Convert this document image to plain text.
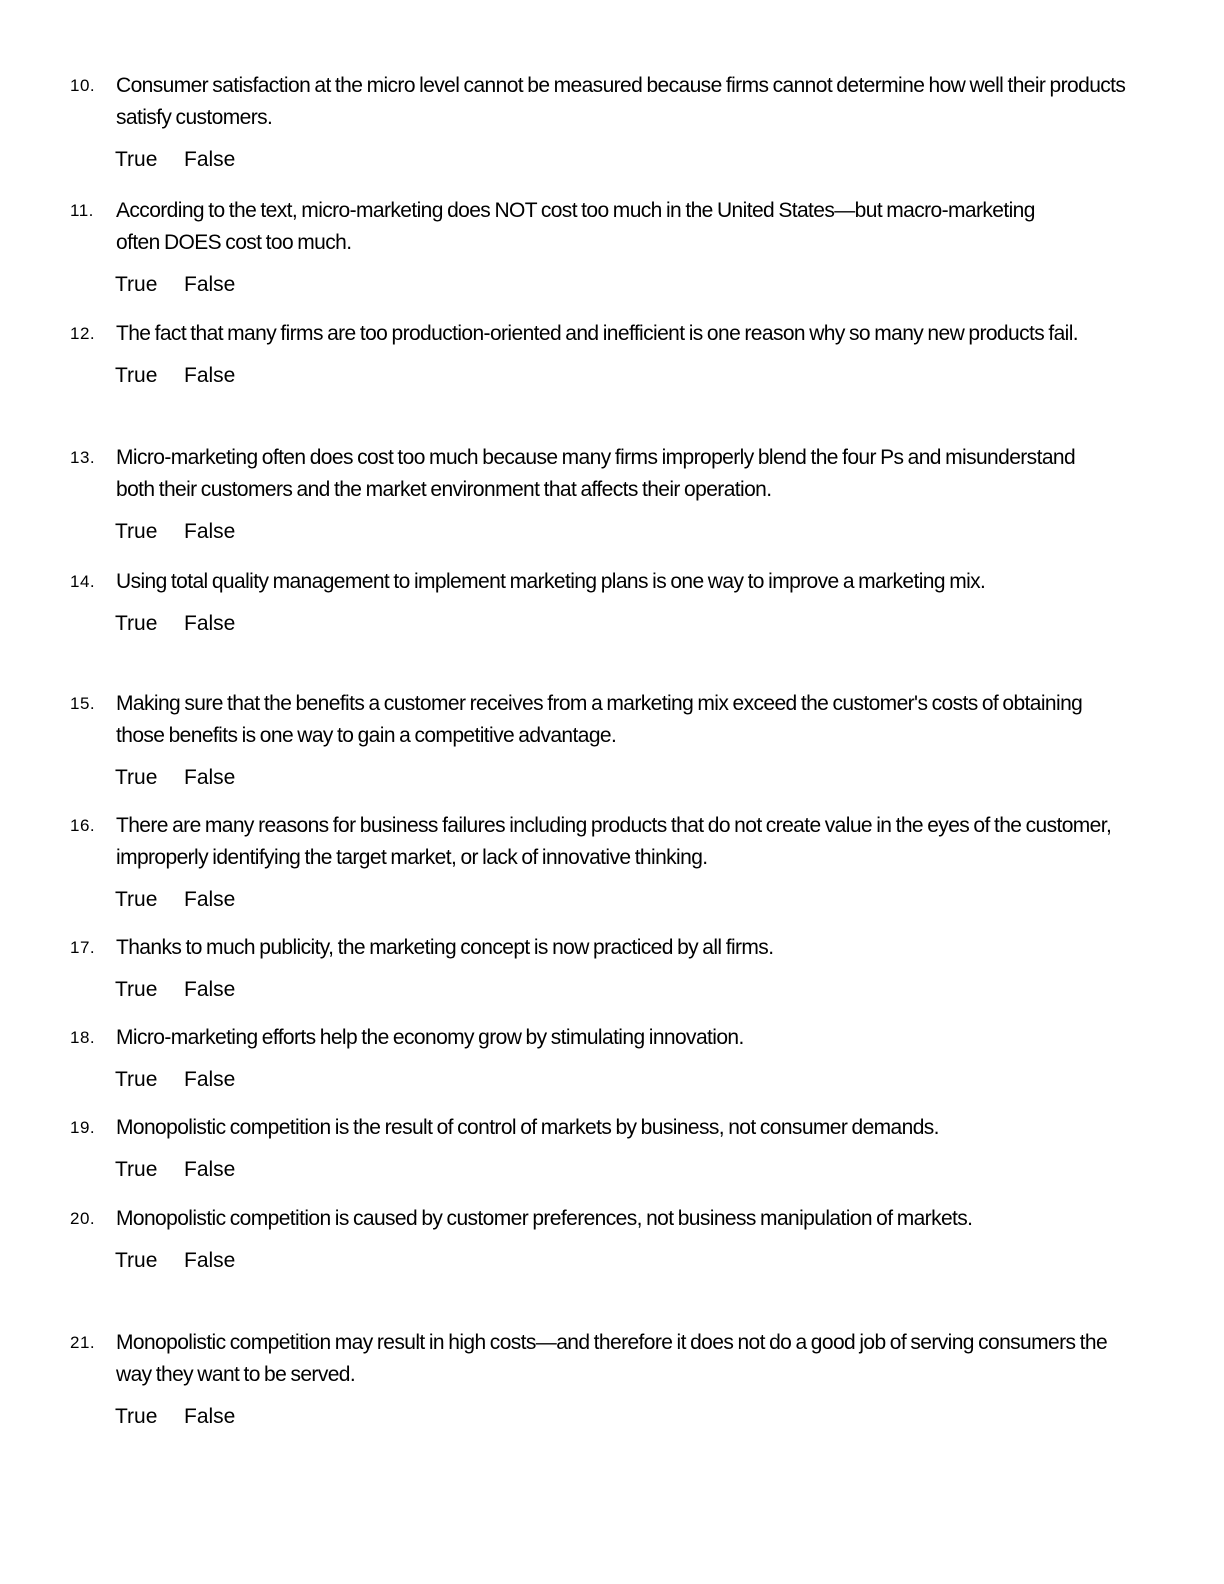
10. Consumer satisfaction at the micro level cannot be measured because firms cannot determine how well their products satisfy customers.
True False
11. According to the text, micro-marketing does NOT cost too much in the United States—but macro-marketing often DOES cost too much.
True False
12. The fact that many firms are too production-oriented and inefficient is one reason why so many new products fail.
True False
13. Micro-marketing often does cost too much because many firms improperly blend the four Ps and misunderstand both their customers and the market environment that affects their operation.
True False
14. Using total quality management to implement marketing plans is one way to improve a marketing mix.
True False
15. Making sure that the benefits a customer receives from a marketing mix exceed the customer's costs of obtaining those benefits is one way to gain a competitive advantage.
True False
16. There are many reasons for business failures including products that do not create value in the eyes of the customer, improperly identifying the target market, or lack of innovative thinking.
True False
17. Thanks to much publicity, the marketing concept is now practiced by all firms.
True False
18. Micro-marketing efforts help the economy grow by stimulating innovation.
True False
19. Monopolistic competition is the result of control of markets by business, not consumer demands.
True False
20. Monopolistic competition is caused by customer preferences, not business manipulation of markets.
True False
21. Monopolistic competition may result in high costs—and therefore it does not do a good job of serving consumers the way they want to be served.
True False
